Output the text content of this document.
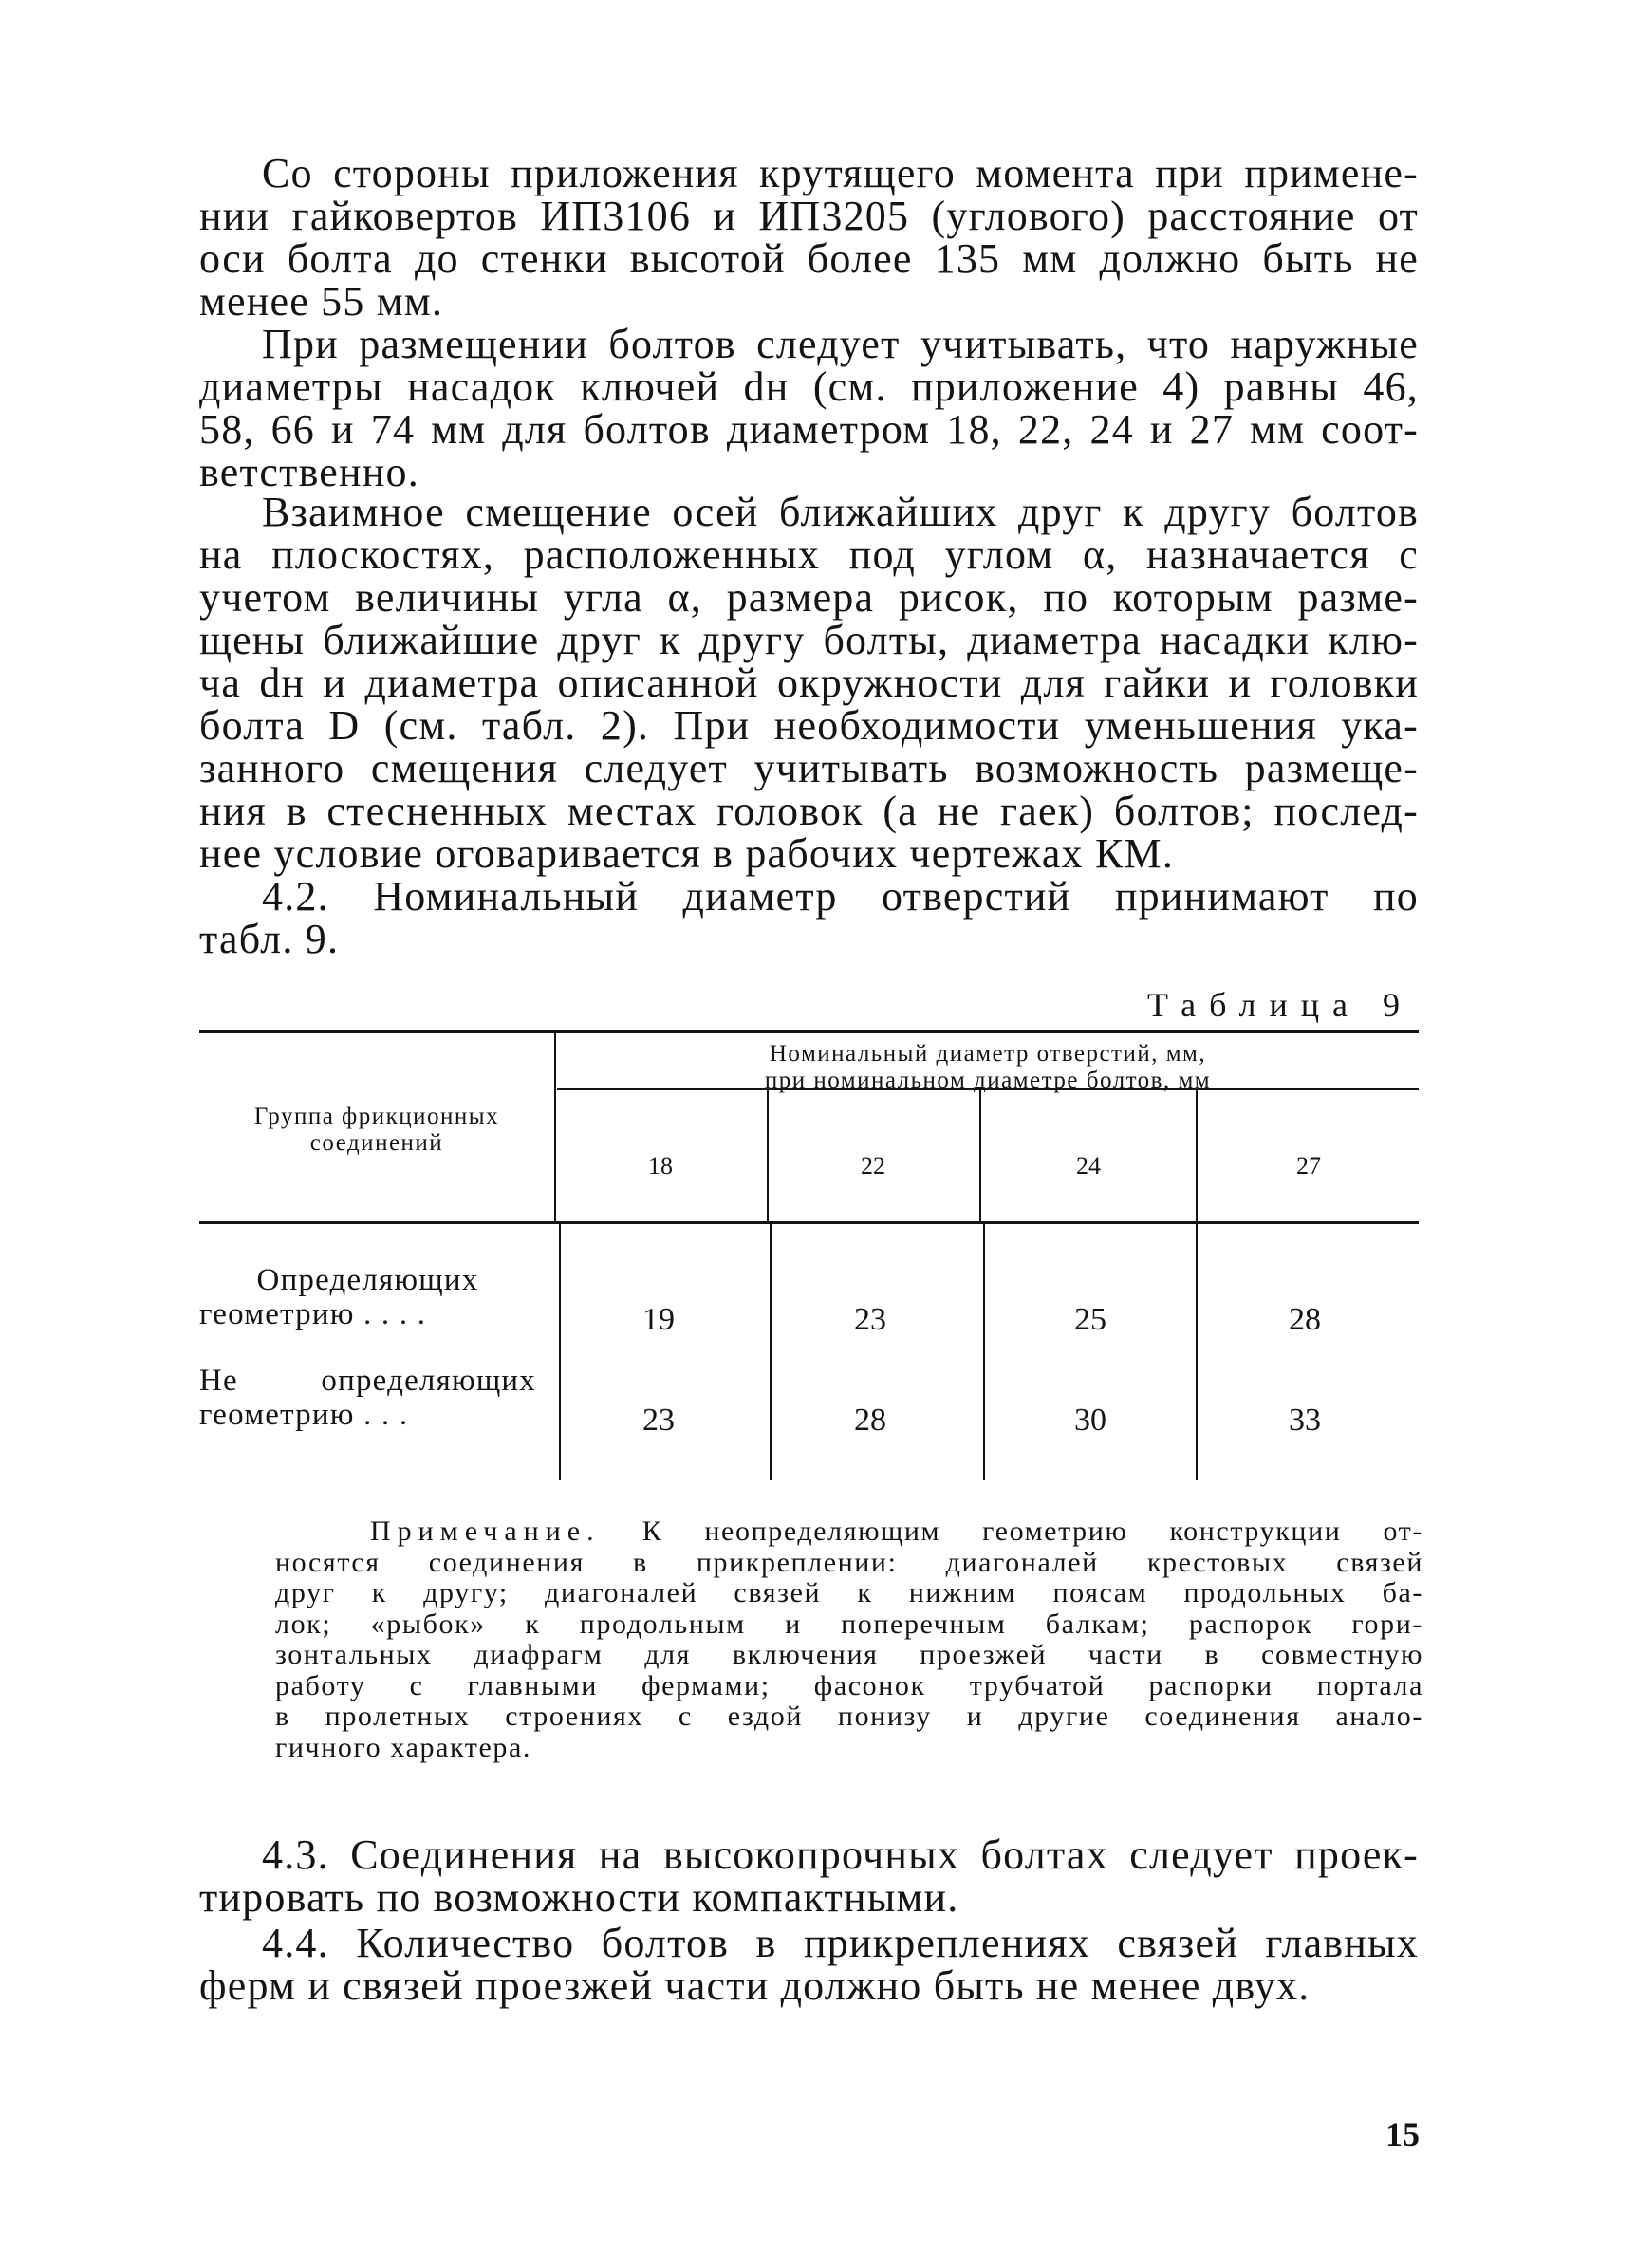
Со стороны приложения крутящего момента при примене-
нии гайковертов ИП3106 и ИП3205 (углового) расстояние от
оси болта до стенки высотой более 135 мм должно быть не
менее 55 мм.

При размещении болтов следует учитывать, что наружные
диаметры насадок ключей dн (см. приложение 4) равны 46,
58, 66 и 74 мм для болтов диаметром 18, 22, 24 и 27 мм соот-
ветственно.

Взаимное смещение осей ближайших друг к другу болтов
на плоскостях, расположенных под углом α, назначается с
учетом величины угла α, размера рисок, по которым разме-
щены ближайшие друг к другу болты, диаметра насадки клю-
ча dн и диаметра описанной окружности для гайки и головки
болта D (см. табл. 2). При необходимости уменьшения ука-
занного смещения следует учитывать возможность размеще-
ния в стесненных местах головок (а не гаек) болтов; послед-
нее условие оговаривается в рабочих чертежах КМ.

4.2. Номинальный диаметр отверстий принимают по
табл. 9.

Таблица 9

Группа фрикционных
соединений
Номинальный диаметр отверстий, мм,
при номинальном диаметре болтов, мм
18	22	24	27

Определяющих
геометрию . . . .	19	23	25	28

Не определяющих
геометрию . . .	23	28	30	33

Примечание. К неопределяющим геометрию конструкции от-
носятся соединения в прикреплении: диагоналей крестовых связей
друг к другу; диагоналей связей к нижним поясам продольных ба-
лок; «рыбок» к продольным и поперечным балкам; распорок гори-
зонтальных диафрагм для включения проезжей части в совместную
работу с главными фермами; фасонок трубчатой распорки портала
в пролетных строениях с ездой понизу и другие соединения анало-
гичного характера.

4.3. Соединения на высокопрочных болтах следует проек-
тировать по возможности компактными.

4.4. Количество болтов в прикреплениях связей главных
ферм и связей проезжей части должно быть не менее двух.

15
